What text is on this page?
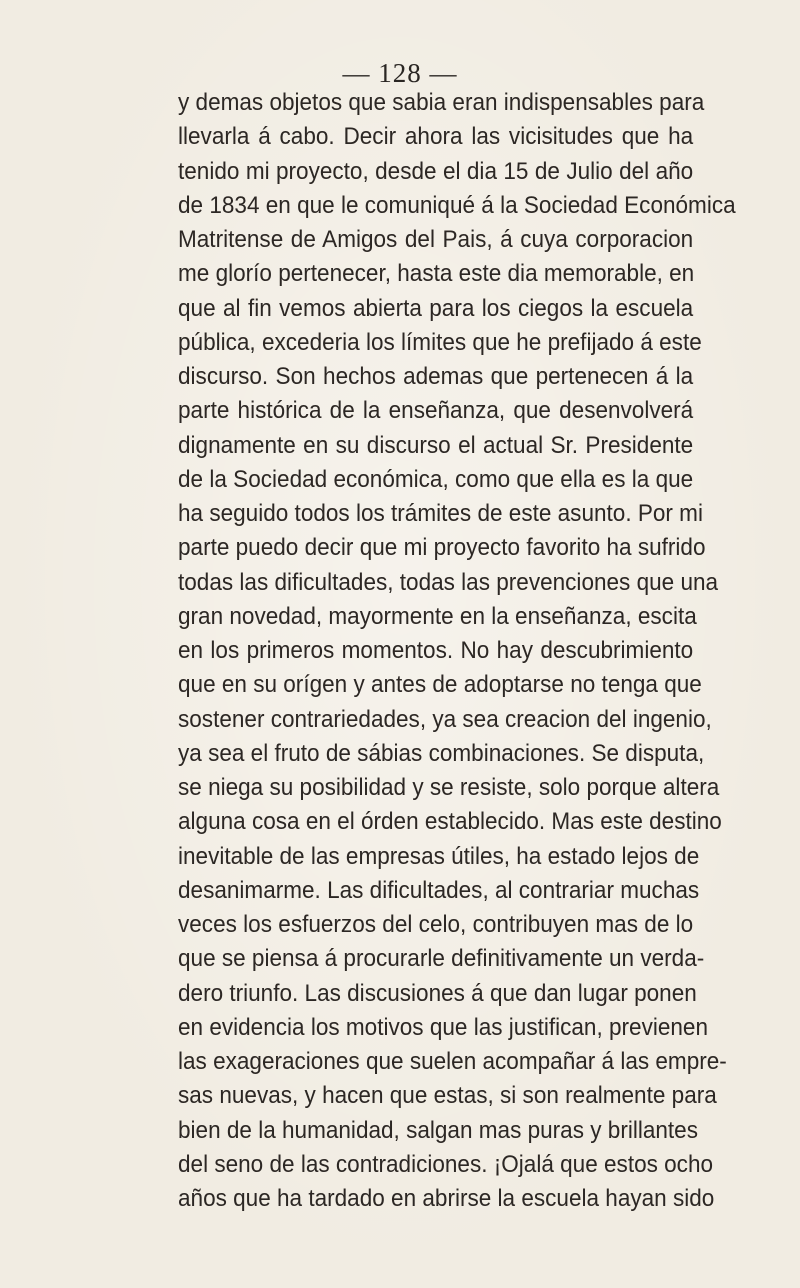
— 128 —
y demas objetos que sabia eran indispensables para
llevarla á cabo. Decir ahora las vicisitudes que ha
tenido mi proyecto, desde el dia 15 de Julio del año
de 1834 en que le comuniqué á la Sociedad Económica
Matritense de Amigos del Pais, á cuya corporacion
me glorío pertenecer, hasta este dia memorable, en
que al fin vemos abierta para los ciegos la escuela
pública, excederia los límites que he prefijado á este
discurso. Son hechos ademas que pertenecen á la
parte histórica de la enseñanza, que desenvolverá
dignamente en su discurso el actual Sr. Presidente
de la Sociedad económica, como que ella es la que
ha seguido todos los trámites de este asunto. Por mi
parte puedo decir que mi proyecto favorito ha sufrido
todas las dificultades, todas las prevenciones que una
gran novedad, mayormente en la enseñanza, escita
en los primeros momentos. No hay descubrimiento
que en su orígen y antes de adoptarse no tenga que
sostener contrariedades, ya sea creacion del ingenio,
ya sea el fruto de sábias combinaciones. Se disputa,
se niega su posibilidad y se resiste, solo porque altera
alguna cosa en el órden establecido. Mas este destino
inevitable de las empresas útiles, ha estado lejos de
desanimarme. Las dificultades, al contrariar muchas
veces los esfuerzos del celo, contribuyen mas de lo
que se piensa á procurarle definitivamente un verda-
dero triunfo. Las discusiones á que dan lugar ponen
en evidencia los motivos que las justifican, previenen
las exageraciones que suelen acompañar á las empre-
sas nuevas, y hacen que estas, si son realmente para
bien de la humanidad, salgan mas puras y brillantes
del seno de las contradiciones. ¡Ojalá que estos ocho
años que ha tardado en abrirse la escuela hayan sido
